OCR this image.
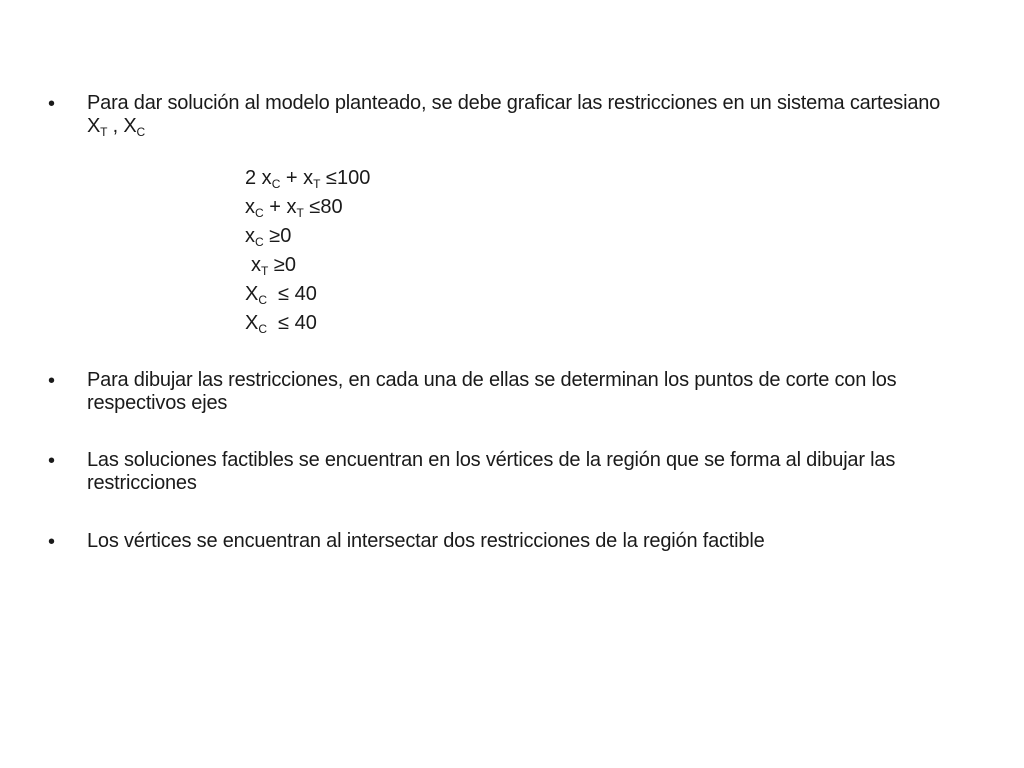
• Para dar solución al modelo planteado, se debe graficar las restricciones en un sistema cartesiano $X_T$ , $X_C$
2 $x_C + x_T \le 100$
$x_C + x_T \le 80$
$x_C \ge 0$
$x_T \ge 0$
$X_C \le 40$
$X_C \le 40$
• Para dibujar las restricciones, en cada una de ellas se determinan los puntos de corte con los respectivos ejes
• Las soluciones factibles se encuentran en los vértices de la región que se forma al dibujar las restricciones
• Los vértices se encuentran al intersectar dos restricciones de la región factible
